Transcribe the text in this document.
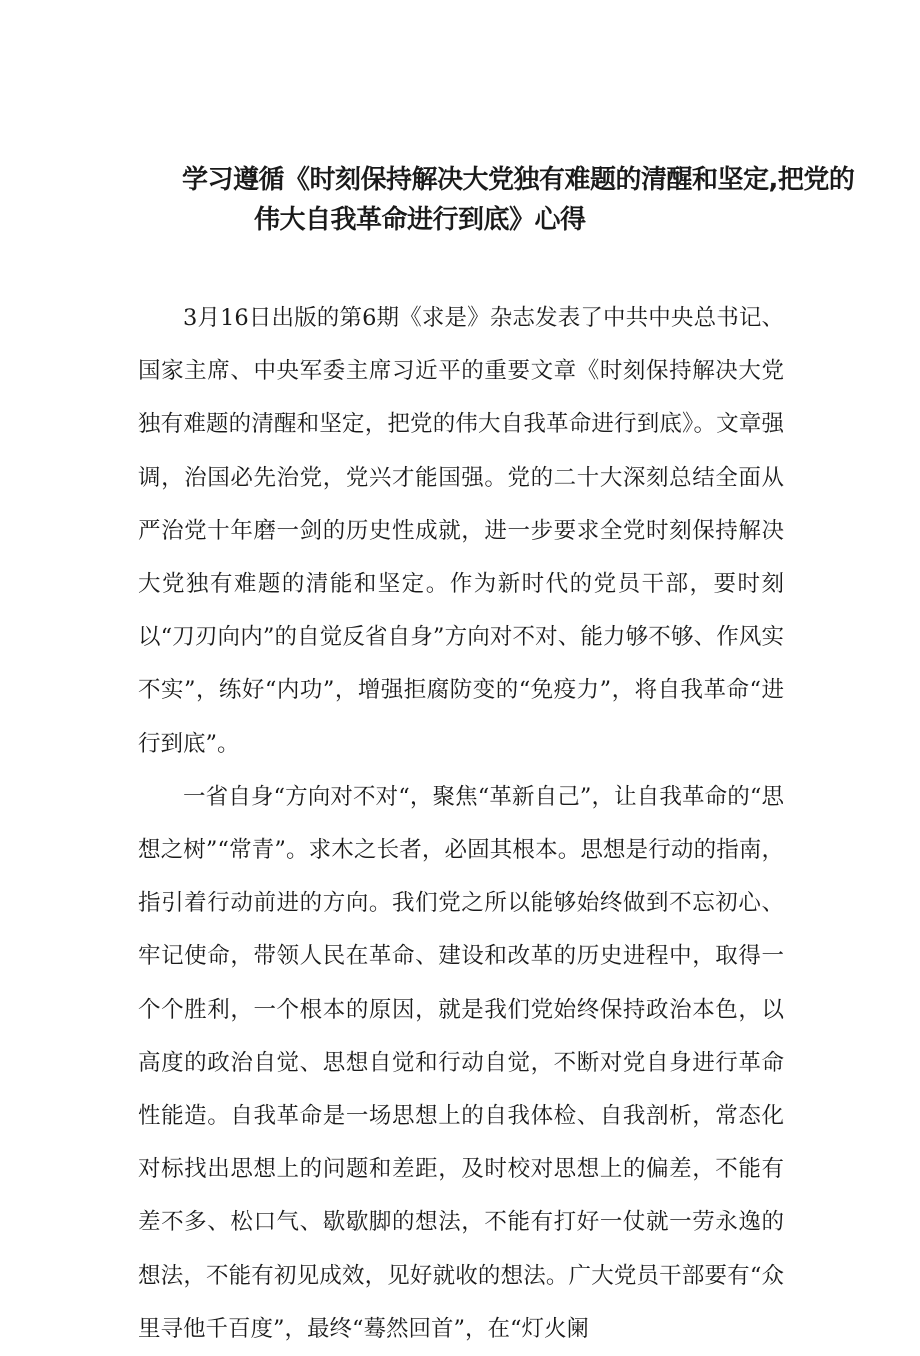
学习遵循《时刻保持解决大党独有难题的清醒和坚定,把党的
伟大自我革命进行到底》心得

3月16日出版的第6期《求是》杂志发表了中共中央总书记、国家主席、中央军委主席习近平的重要文章《时刻保持解决大党独有难题的清醒和坚定，把党的伟大自我革命进行到底》。文章强调，治国必先治党，党兴才能国强。党的二十大深刻总结全面从严治党十年磨一剑的历史性成就，进一步要求全党时刻保持解决大党独有难题的清能和坚定。作为新时代的党员干部，要时刻以“刀刃向内”的自觉反省自身”方向对不对、能力够不够、作风实不实”，练好“内功”，增强拒腐防变的“免疫力”，将自我革命“进行到底”。

一省自身“方向对不对“，聚焦“革新自己”，让自我革命的“思想之树”“常青”。求木之长者，必固其根本。思想是行动的指南，指引着行动前进的方向。我们党之所以能够始终做到不忘初心、牢记使命，带领人民在革命、建设和改革的历史进程中，取得一个个胜利，一个根本的原因，就是我们党始终保持政治本色，以高度的政治自觉、思想自觉和行动自觉，不断对党自身进行革命性能造。自我革命是一场思想上的自我体检、自我剖析，常态化对标找出思想上的问题和差距，及时校对思想上的偏差，不能有差不多、松口气、歇歇脚的想法，不能有打好一仗就一劳永逸的想法，不能有初见成效，见好就收的想法。广大党员干部要有“众里寻他千百度”，最终“蓦然回首”，在“灯火阑
